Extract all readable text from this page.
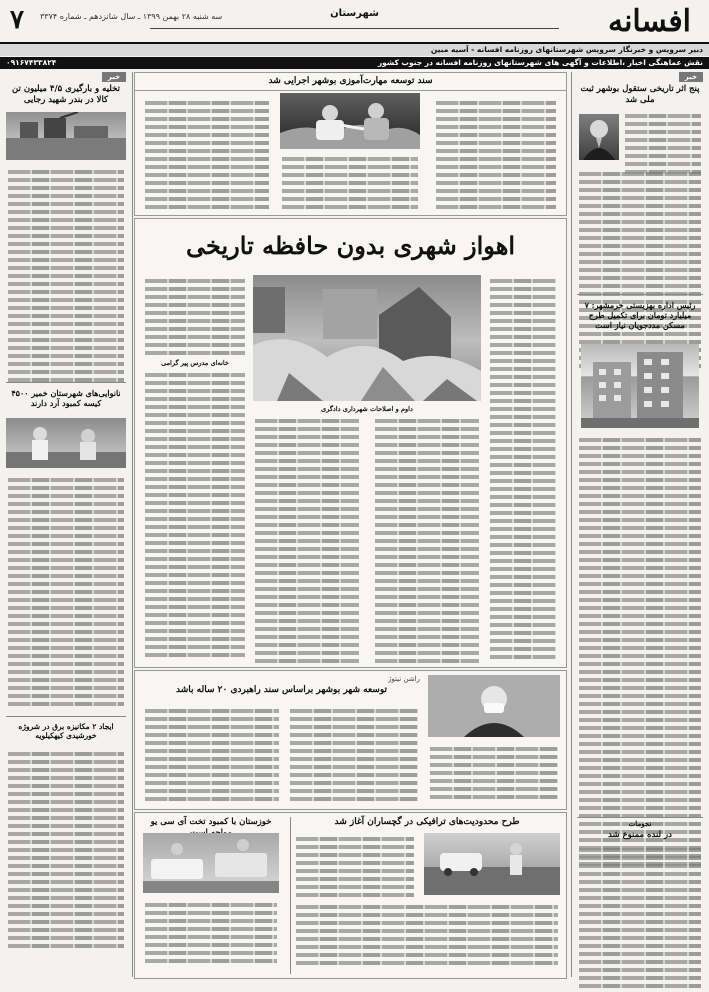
افسانه
شهرستان
سه شنبه ۲۸ بهمن ۱۳۹۹ ـ سال شانزدهم ـ شماره ۳۳۷۴
۷
دبیر سرویس و خبرنگار سرویس شهرستانهای روزنامه افسانه - آسیه مبین
نقش عماهنگی اخبار ،اطلاعات و آگهی های شهرستانهای روزنامه افسانه در جنوب کشور
۰۹۱۶۷۴۳۳۸۲۴
خبر
پنج اثر تاریخی ستقول بوشهر ثبت ملی شد
رئیس اداره بهزیستی خرمشهر: ۷ میلیارد تومان برای تکمیل طرح مسکن مددجویان نیاز است
نجومات
در لنده ممنوع شد
سند توسعه مهارت‌آموزی بوشهر اجرایی شد
اهواز شهری بدون حافظه تاریخی
خانه‌ای مدرس پیر گرامی
داوم و اصلاحات شهرداری دادگری
راشن تیتوژ
توسعه شهر بوشهر براساس سند راهبردی ۲۰ ساله باشد
طرح محدودیت‌های ترافیکی در گچساران آغاز شد
خوزستان با کمبود تخت آی سی یو
خبر
تخلیه و بارگیری ۴/۵ میلیون تن کالا در بندر شهید رجایی
نانوایی‌های شهرستان خمیر ۴۵۰۰ کیسه کمبود آرد دارند
ایجاد ۲ مکانیزه برق در شروژه خورشیدی کیهکیلویه
